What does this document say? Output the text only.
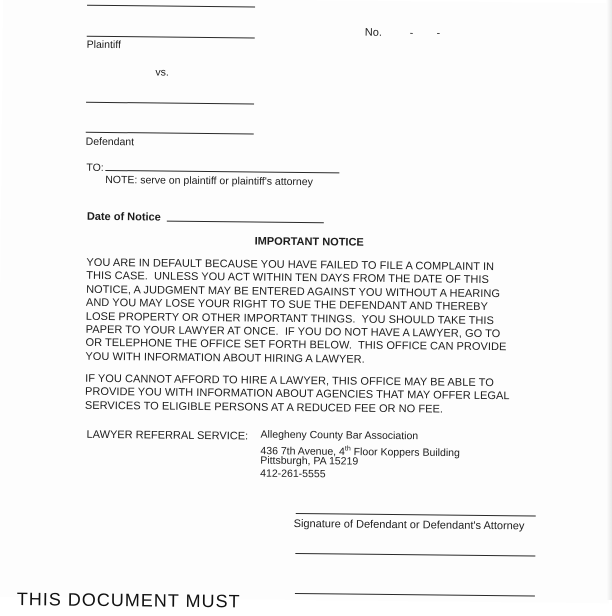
Plaintiff
No.	-        -
vs.
Defendant
TO:
NOTE: serve on plaintiff or plaintiff's attorney
Date of Notice
IMPORTANT NOTICE
YOU ARE IN DEFAULT BECAUSE YOU HAVE FAILED TO FILE A COMPLAINT IN
THIS CASE.  UNLESS YOU ACT WITHIN TEN DAYS FROM THE DATE OF THIS
NOTICE, A JUDGMENT MAY BE ENTERED AGAINST YOU WITHOUT A HEARING
AND YOU MAY LOSE YOUR RIGHT TO SUE THE DEFENDANT AND THEREBY
LOSE PROPERTY OR OTHER IMPORTANT THINGS.  YOU SHOULD TAKE THIS
PAPER TO YOUR LAWYER AT ONCE.  IF YOU DO NOT HAVE A LAWYER, GO TO
OR TELEPHONE THE OFFICE SET FORTH BELOW.  THIS OFFICE CAN PROVIDE
YOU WITH INFORMATION ABOUT HIRING A LAWYER.
IF YOU CANNOT AFFORD TO HIRE A LAWYER, THIS OFFICE MAY BE ABLE TO
PROVIDE YOU WITH INFORMATION ABOUT AGENCIES THAT MAY OFFER LEGAL
SERVICES TO ELIGIBLE PERSONS AT A REDUCED FEE OR NO FEE.
LAWYER REFERRAL SERVICE: Allegheny County Bar Association
436 7th Avenue, 4th Floor Koppers Building
Pittsburgh, PA 15219
412-261-5555
Signature of Defendant or Defendant's Attorney
THIS DOCUMENT MUST
